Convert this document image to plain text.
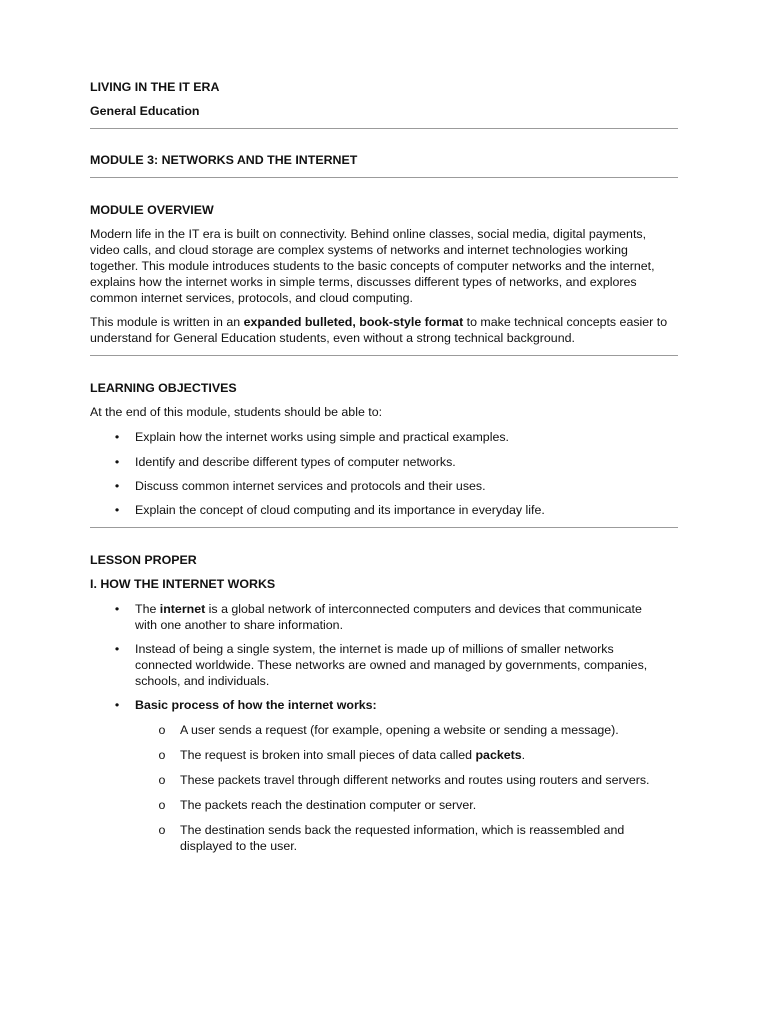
LIVING IN THE IT ERA
General Education
MODULE 3: NETWORKS AND THE INTERNET
MODULE OVERVIEW
Modern life in the IT era is built on connectivity. Behind online classes, social media, digital payments,
video calls, and cloud storage are complex systems of networks and internet technologies working
together. This module introduces students to the basic concepts of computer networks and the internet,
explains how the internet works in simple terms, discusses different types of networks, and explores
common internet services, protocols, and cloud computing.
This module is written in an expanded bulleted, book-style format to make technical concepts easier to
understand for General Education students, even without a strong technical background.
LEARNING OBJECTIVES
At the end of this module, students should be able to:
• Explain how the internet works using simple and practical examples.
• Identify and describe different types of computer networks.
• Discuss common internet services and protocols and their uses.
• Explain the concept of cloud computing and its importance in everyday life.
LESSON PROPER
I. HOW THE INTERNET WORKS
• The internet is a global network of interconnected computers and devices that communicate
with one another to share information.
• Instead of being a single system, the internet is made up of millions of smaller networks
connected worldwide. These networks are owned and managed by governments, companies,
schools, and individuals.
• Basic process of how the internet works:
o A user sends a request (for example, opening a website or sending a message).
o The request is broken into small pieces of data called packets.
o These packets travel through different networks and routes using routers and servers.
o The packets reach the destination computer or server.
o The destination sends back the requested information, which is reassembled and
displayed to the user.
